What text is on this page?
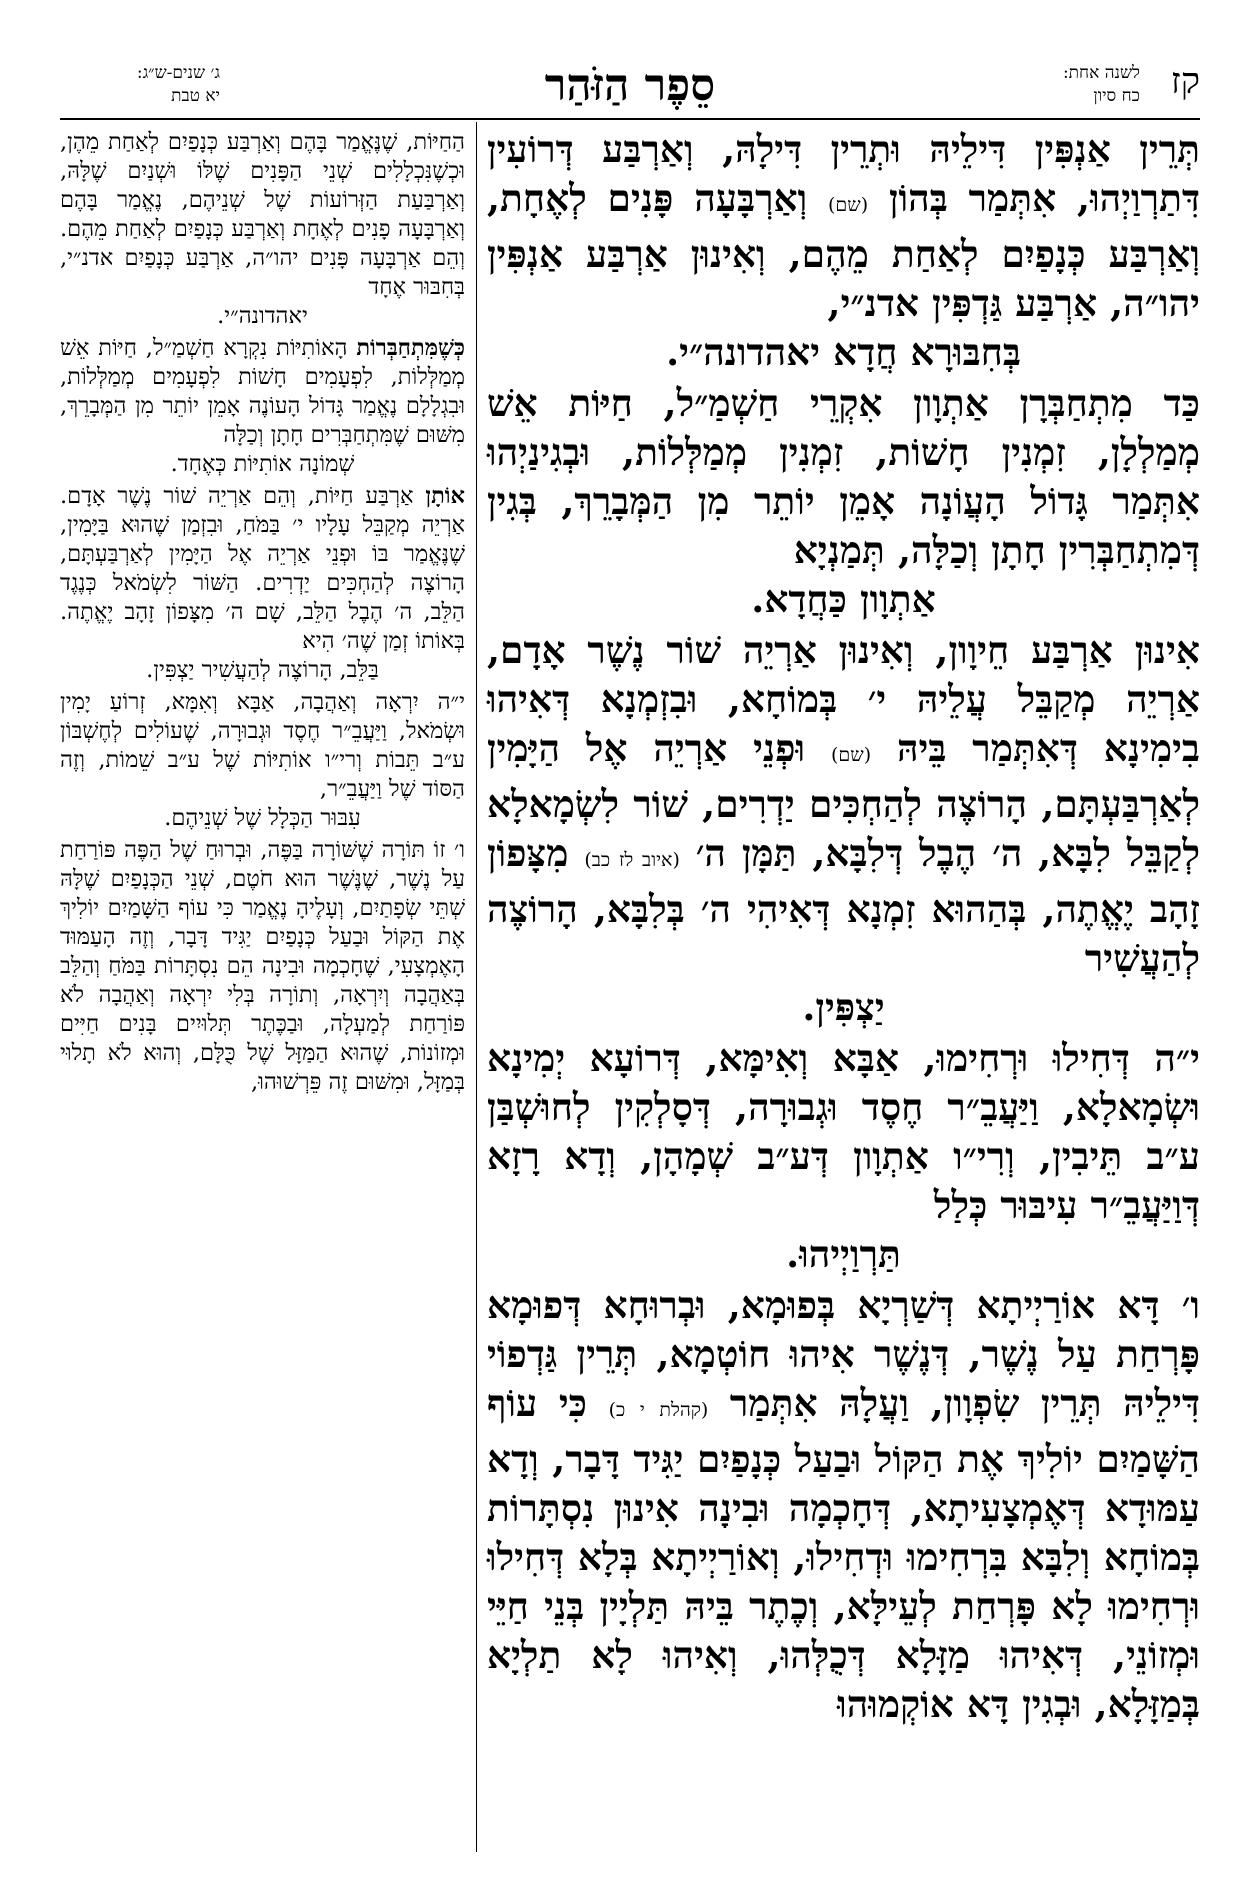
ג׳ שנים-ש״ג:
יא טבת	סֵפֶר הַזֹּהַר	לשנה אחת:
כח סיון קז

תְּרֵין אַנְפִּין דִּילֵיהּ וּתְרֵין דִּילָהּ, וְאַרְבַּע דְּרוֹעִין דִּתַרְוַיְהוּ, אִתְּמַר בְּהוֹן (שם) וְאַרְבָּעָה פָּנִים לְאֶחָת, וְאַרְבַּע כְּנָפַיִם לְאַחַת מֵהֶם, וְאִינוּן אַרְבַּע אַנְפִּין יהו״ה, אַרְבַּע גַּדְפִּין אדנ״י,
בְּחִבּוּרָא חֲדָא יאהדונה״י.

כַּד מִתְחַבְּרָן אַתְוָון אִקְרֵי חַשְׁמַ״ל, חַיּוֹת אֵשׁ מְמַלְלָן, זִמְנִין חָשׁוֹת, זִמְנִין מְמַלְּלוֹת, וּבְגִינַיְהוּ אִתְּמַר גָּדוֹל הָעֲוֹנָה אָמֵן יוֹתֵר מִן הַמְּבָרֵךְ, בְּגִין דְּמִתְחַבְּרִין חָתָן וְכַלָּה, תְּמַנְיָא
אַתְוָון כַּחֲדָא.

אִינוּן אַרְבַּע חֵיוָון, וְאִינוּן אַרְיֵה שׁוֹר נֶשֶׁר אָדָם, אַרְיֵה מְקַבֵּל עֲלֵיהּ י׳ בְּמוֹחָא, וּבִזְמְנָא דְּאִיהוּ בִימִינָא דְּאִתְּמַר בֵּיהּ (שם) וּפְנֵי אַרְיֵה אֶל הַיָּמִין לְאַרְבַּעְתָּם, הָרוֹצֶה לְהַחְכִּים יַדְרִים, שׁוֹר לִשְׂמָאלָא לְקַבֵּל לִבָּא, ה׳ הֶבֶל דְּלִבָּא, תַּמָּן ה׳ (איוב לז כב) מִצָּפוֹן זָהָב יֶאֱתֶה, בְּהַהוּא זִמְנָא דְּאִיהִי ה׳ בְּלִבָּא, הָרוֹצֶה לְהַעֲשִׁיר
יַצְפִּין.

י״ה דְּחִילוּ וּרְחִימוּ, אַבָּא וְאִימָּא, דְּרוֹעָא יְמִינָא וּשְׂמָאלָא, וַיַּעֲבֵ״ר חֶסֶד וּגְבוּרָה, דְּסָלְקִין לְחוּשְׁבַּן ע״ב תֵּיבִין, וְרִי״ו אַתְוָון דְּע״ב שְׁמָהָן, וְדָא רָזָא דְּוַיַּעֲבֵ״ר עִיבּוּר כְּלַל
תַּרְוַיְיהוּ.

ו׳ דָּא אוֹרַיְיתָא דְּשַׁרְיָא בְּפוּמָא, וּבְרוּחָא דְּפוּמָא פָּרְחַת עַל נֶשֶׁר, דְּנֶשֶׁר אִיהוּ חוֹטְמָא, תְּרֵין גַּדְפוֹי דִּילֵיהּ תְּרֵין שִׂפְוָון, וַעֲלָהּ אִתְּמַר (קהלת י כ) כִּי עוֹף הַשָּׁמַיִם יוֹלִיךְ אֶת הַקּוֹל וּבַעַל כְּנָפַיִם יַגִּיד דָּבָר, וְדָא עַמּוּדָא דְּאֶמְצָעִיתָא, דְּחָכְמָה וּבִינָה אִינוּן נִסְתָּרוֹת בְּמוֹחָא וְלִבָּא בִּרְחִימוּ וּדְחִילוּ, וְאוֹרַיְיתָא בְּלָא דְּחִילוּ וּרְחִימוּ לָא פָּרְחַת לְעֵילָּא, וְכֶתֶר בֵּיהּ תַּלְיָין בְּנֵי חַיֵּי וּמְזוֹנֵי, דְּאִיהוּ מַזָּלָא דְּכֻלְּהוּ, וְאִיהוּ לָא תַלְיָא בְּמַזָּלָא, וּבְגִין דָּא אוֹקְמוּהוּ

הַחַיּוֹת, שֶׁנֶּאֱמַר בָּהֶם וְאַרְבַּע כְּנָפַיִם לְאַחַת מֵהֶן, וּכְשֶׁנִּכְלָלִים שְׁנֵי הַפָּנִים שֶׁלּוֹ וּשְׁנַיִם שֶׁלָּהּ, וְאַרְבַּעַת הַזְּרוֹעוֹת שֶׁל שְׁנֵיהֶם, נֶאֱמַר בָּהֶם וְאַרְבָּעָה פָנִים לְאֶחָת וְאַרְבַּע כְּנָפַיִם לְאַחַת מֵהֶם. וְהֵם אַרְבָּעָה פָּנִים יהו״ה, אַרְבַּע כְּנָפַיִם אדנ״י, בְּחִבּוּר אֶחָד
יאהדונה״י.

כְּשֶׁמִּתְחַבְּרוֹת הָאוֹתִיּוֹת נִקְרָא חַשְׁמַ״ל, חַיּוֹת אֵשׁ מְמַלְּלוֹת, לִפְעָמִים חָשׁוֹת לִפְעָמִים מְמַלְּלוֹת, וּבִגְלָלָם נֶאֱמַר גָּדוֹל הָעוֹנֶה אָמֵן יוֹתֵר מִן הַמְּבָרֵךְ, מִשּׁוּם שֶׁמִּתְחַבְּרִים חָתָן וְכַלָּה
שְׁמוֹנָה אוֹתִיּוֹת כְּאֶחָד.

אוֹתָן אַרְבַּע חַיּוֹת, וְהֵם אַרְיֵה שׁוֹר נֶשֶׁר אָדָם. אַרְיֵה מְקַבֵּל עָלָיו י׳ בַּמֹּחַ, וּבִזְמַן שֶׁהוּא בַּיָּמִין, שֶׁנֶּאֱמַר בּוֹ וּפְנֵי אַרְיֵה אֶל הַיָּמִין לְאַרְבַּעְתָּם, הָרוֹצֶה לְהַחְכִּים יַדְרִים. הַשּׁוֹר לִשְׂמֹאל כְּנֶגֶד הַלֵּב, ה׳ הֶבֶל הַלֵּב, שָׁם ה׳ מִצָּפוֹן זָהָב יֶאֱתֶה. בְּאוֹתוֹ זְמַן שֶׁה׳ הִיא
בַּלֵּב, הָרוֹצֶה לְהַעֲשִׁיר יַצְפִּין.

י״ה יִרְאָה וְאַהֲבָה, אַבָּא וְאִמָּא, זְרוֹעַ יָמִין וּשְׂמֹאל, וַיַּעֲבֵ״ר חֶסֶד וּגְבוּרָה, שֶׁעוֹלִים לְחֶשְׁבּוֹן ע״ב תֵּבוֹת וְרי״ו אוֹתִיּוֹת שֶׁל ע״ב שֵׁמוֹת, וְזֶה הַסּוֹד שֶׁל וַיַּעֲבֵ״ר,
עִבּוּר הַכְּלָל שֶׁל שְׁנֵיהֶם.

ו׳ זוֹ תּוֹרָה שֶׁשּׁוֹרָה בַּפֶּה, וּבְרוּחַ שֶׁל הַפֶּה פּוֹרַחַת עַל נֶשֶׁר, שֶׁנֶּשֶׁר הוּא חֹטֶם, שְׁנֵי הַכְּנָפַיִם שֶׁלָּהּ שְׁתֵּי שְׂפָתַיִם, וְעָלֶיהָ נֶאֱמַר כִּי עוֹף הַשָּׁמַיִם יוֹלִיךְ אֶת הַקּוֹל וּבַעַל כְּנָפַיִם יַגִּיד דָּבָר, וְזֶה הָעַמּוּד הָאֶמְצָעִי, שֶׁחָכְמָה וּבִינָה הֵם נִסְתָּרוֹת בַּמֹּחַ וְהַלֵּב בְּאַהֲבָה וְיִרְאָה, וְתוֹרָה בְּלִי יִרְאָה וְאַהֲבָה לֹא פּוֹרַחַת לְמַעְלָה, וּבַכֶּתֶר תְּלוּיִים בָּנִים חַיִּים וּמְזוֹנוֹת, שֶׁהוּא הַמַּזָּל שֶׁל כֻּלָּם, וְהוּא לֹא תָלוּי בְּמַזָּל, וּמִשּׁוּם זֶה פֵּרְשׁוּהוּ,
